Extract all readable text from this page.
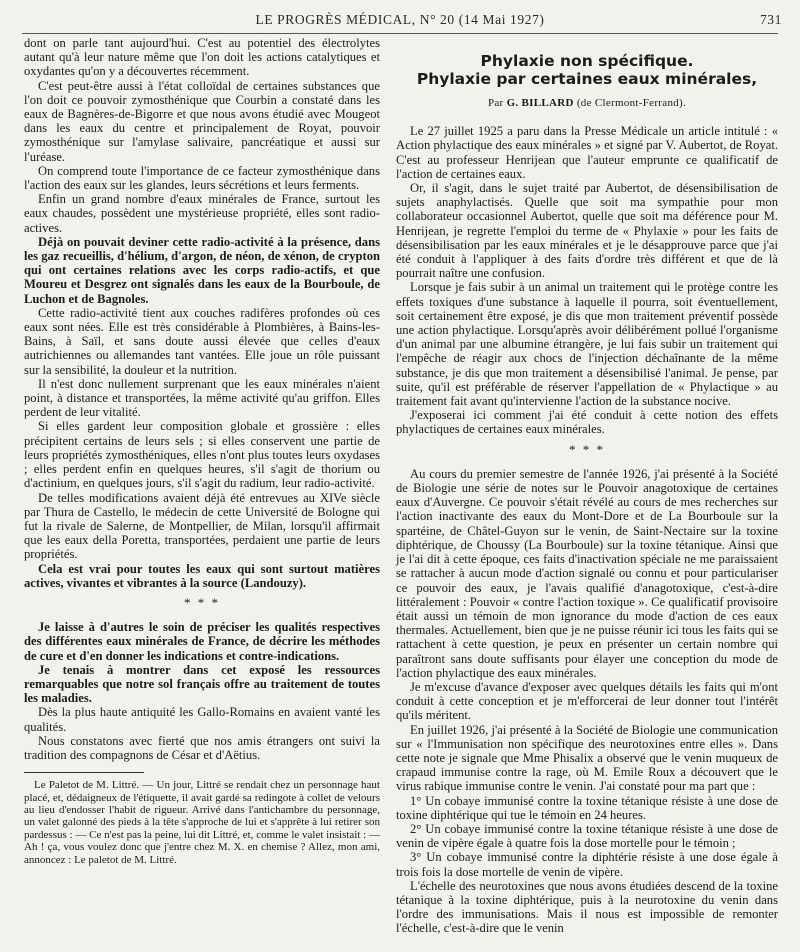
LE PROGRÈS MÉDICAL, N° 20 (14 Mai 1927)	731

dont on parle tant aujourd'hui. C'est au potentiel des électrolytes autant qu'à leur nature même que l'on doit les actions catalytiques et oxydantes qu'on y a découvertes récemment.

C'est peut-être aussi à l'état colloïdal de certaines substances que l'on doit ce pouvoir zymosthénique que Courbin a constaté dans les eaux de Bagnères-de-Bigorre et que nous avons étudié avec Mougeot dans les eaux du centre et principalement de Royat, pouvoir zymosthénique sur l'amylase salivaire, pancréatique et aussi sur l'uréase.

On comprend toute l'importance de ce facteur zymosthénique dans l'action des eaux sur les glandes, leurs sécrétions et leurs ferments.

Enfin un grand nombre d'eaux minérales de France, surtout les eaux chaudes, possèdent une mystérieuse propriété, elles sont radio-actives.

Déjà on pouvait deviner cette radio-activité à la présence, dans les gaz recueillis, d'hélium, d'argon, de néon, de xénon, de crypton qui ont certaines relations avec les corps radio-actifs, et que Moureu et Desgrez ont signalés dans les eaux de la Bourboule, de Luchon et de Bagnoles.

Cette radio-activité tient aux couches radifères profondes où ces eaux sont nées. Elle est très considérable à Plombières, à Bains-les-Bains, à Saïl, et sans doute aussi élevée que celles d'eaux autrichiennes ou allemandes tant vantées. Elle joue un rôle puissant sur la sensibilité, la douleur et la nutrition.

Il n'est donc nullement surprenant que les eaux minérales n'aient point, à distance et transportées, la même activité qu'au griffon. Elles perdent de leur vitalité.

Si elles gardent leur composition globale et grossière : elles précipitent certains de leurs sels ; si elles conservent une partie de leurs propriétés zymosthéniques, elles n'ont plus toutes leurs oxydases ; elles perdent enfin en quelques heures, s'il s'agit de thorium ou d'actinium, en quelques jours, s'il s'agit du radium, leur radio-activité.

De telles modifications avaient déjà été entrevues au XIVe siècle par Thura de Castello, le médecin de cette Université de Bologne qui fut la rivale de Salerne, de Montpellier, de Milan, lorsqu'il affirmait que les eaux della Poretta, transportées, perdaient une partie de leurs propriétés.

Cela est vrai pour toutes les eaux qui sont surtout matières actives, vivantes et vibrantes à la source (Landouzy).

* * *

Je laisse à d'autres le soin de préciser les qualités respectives des différentes eaux minérales de France, de décrire les méthodes de cure et d'en donner les indications et contre-indications.

Je tenais à montrer dans cet exposé les ressources remarquables que notre sol français offre au traitement de toutes les maladies.

Dès la plus haute antiquité les Gallo-Romains en avaient vanté les qualités.

Nous constatons avec fierté que nos amis étrangers ont suivi la tradition des compagnons de César et d'Aëtius.

Le Paletot de M. Littré. — Un jour, Littré se rendait chez un personnage haut placé, et, dédaigneux de l'étiquette, il avait gardé sa redingote à collet de velours au lieu d'endosser l'habit de rigueur. Arrivé dans l'antichambre du personnage, un valet galonné des pieds à la tête s'approche de lui et s'apprête à lui retirer son pardessus : — Ce n'est pas la peine, lui dit Littré, et, comme le valet insistait : — Ah ! ça, vous voulez donc que j'entre chez M. X. en chemise ? Allez, mon ami, annoncez : Le paletot de M. Littré.

Phylaxie non spécifique.
Phylaxie par certaines eaux minérales,
Par G. BILLARD (de Clermont-Ferrand).

Le 27 juillet 1925 a paru dans la Presse Médicale un article intitulé : « Action phylactique des eaux minérales » et signé par V. Aubertot, de Royat. C'est au professeur Henrijean que l'auteur emprunte ce qualificatif de l'action de certaines eaux.

Or, il s'agit, dans le sujet traité par Aubertot, de désensibilisation de sujets anaphylactisés. Quelle que soit ma sympathie pour mon collaborateur occasionnel Aubertot, quelle que soit ma déférence pour M. Henrijean, je regrette l'emploi du terme de « Phylaxie » pour les faits de désensibilisation par les eaux minérales et je le désapprouve parce que j'ai été conduit à l'appliquer à des faits d'ordre très différent et que de là pourrait naître une confusion.

Lorsque je fais subir à un animal un traitement qui le protège contre les effets toxiques d'une substance à laquelle il pourra, soit éventuellement, soit certainement être exposé, je dis que mon traitement préventif possède une action phylactique. Lorsqu'après avoir délibérément pollué l'organisme d'un animal par une albumine étrangère, je lui fais subir un traitement qui l'empêche de réagir aux chocs de l'injection déchaînante de la même substance, je dis que mon traitement a désensibilisé l'animal. Je pense, par suite, qu'il est préférable de réserver l'appellation de « Phylactique » au traitement fait avant qu'intervienne l'action de la substance nocive.

J'exposerai ici comment j'ai été conduit à cette notion des effets phylactiques de certaines eaux minérales.

* * *

Au cours du premier semestre de l'année 1926, j'ai présenté à la Société de Biologie une série de notes sur le Pouvoir anagotoxique de certaines eaux d'Auvergne. Ce pouvoir s'était révélé au cours de mes recherches sur l'action inactivante des eaux du Mont-Dore et de La Bourboule sur la spartéine, de Châtel-Guyon sur le venin, de Saint-Nectaire sur la toxine diphtérique, de Choussy (La Bourboule) sur la toxine tétanique. Ainsi que je l'ai dit à cette époque, ces faits d'inactivation spéciale ne me paraissaient se rattacher à aucun mode d'action signalé ou connu et pour particulariser ce pouvoir des eaux, je l'avais qualifié d'anagotoxique, c'est-à-dire littéralement : Pouvoir « contre l'action toxique ». Ce qualificatif provisoire était aussi un témoin de mon ignorance du mode d'action de ces eaux thermales. Actuellement, bien que je ne puisse réunir ici tous les faits qui se rattachent à cette question, je peux en présenter un certain nombre qui paraîtront sans doute suffisants pour élayer une conception du mode de l'action phylactique des eaux minérales.

Je m'excuse d'avance d'exposer avec quelques détails les faits qui m'ont conduit à cette conception et je m'efforcerai de leur donner tout l'intérêt qu'ils méritent.

En juillet 1926, j'ai présenté à la Société de Biologie une communication sur « l'Immunisation non spécifique des neurotoxines entre elles ». Dans cette note je signale que Mme Phisalix a observé que le venin muqueux de crapaud immunise contre la rage, où M. Emile Roux a découvert que le virus rabique immunise contre le venin. J'ai constaté pour ma part que :

1° Un cobaye immunisé contre la toxine tétanique résiste à une dose de toxine diphtérique qui tue le témoin en 24 heures.

2° Un cobaye immunisé contre la toxine tétanique résiste à une dose de venin de vipère égale à quatre fois la dose mortelle pour le témoin ;

3° Un cobaye immunisé contre la diphtérie résiste à une dose égale à trois fois la dose mortelle de venin de vipère.

L'échelle des neurotoxines que nous avons étudiées descend de la toxine tétanique à la toxine diphtérique, puis à la neurotoxine du venin dans l'ordre des immunisations. Mais il nous est impossible de remonter l'échelle, c'est-à-dire que le venin
